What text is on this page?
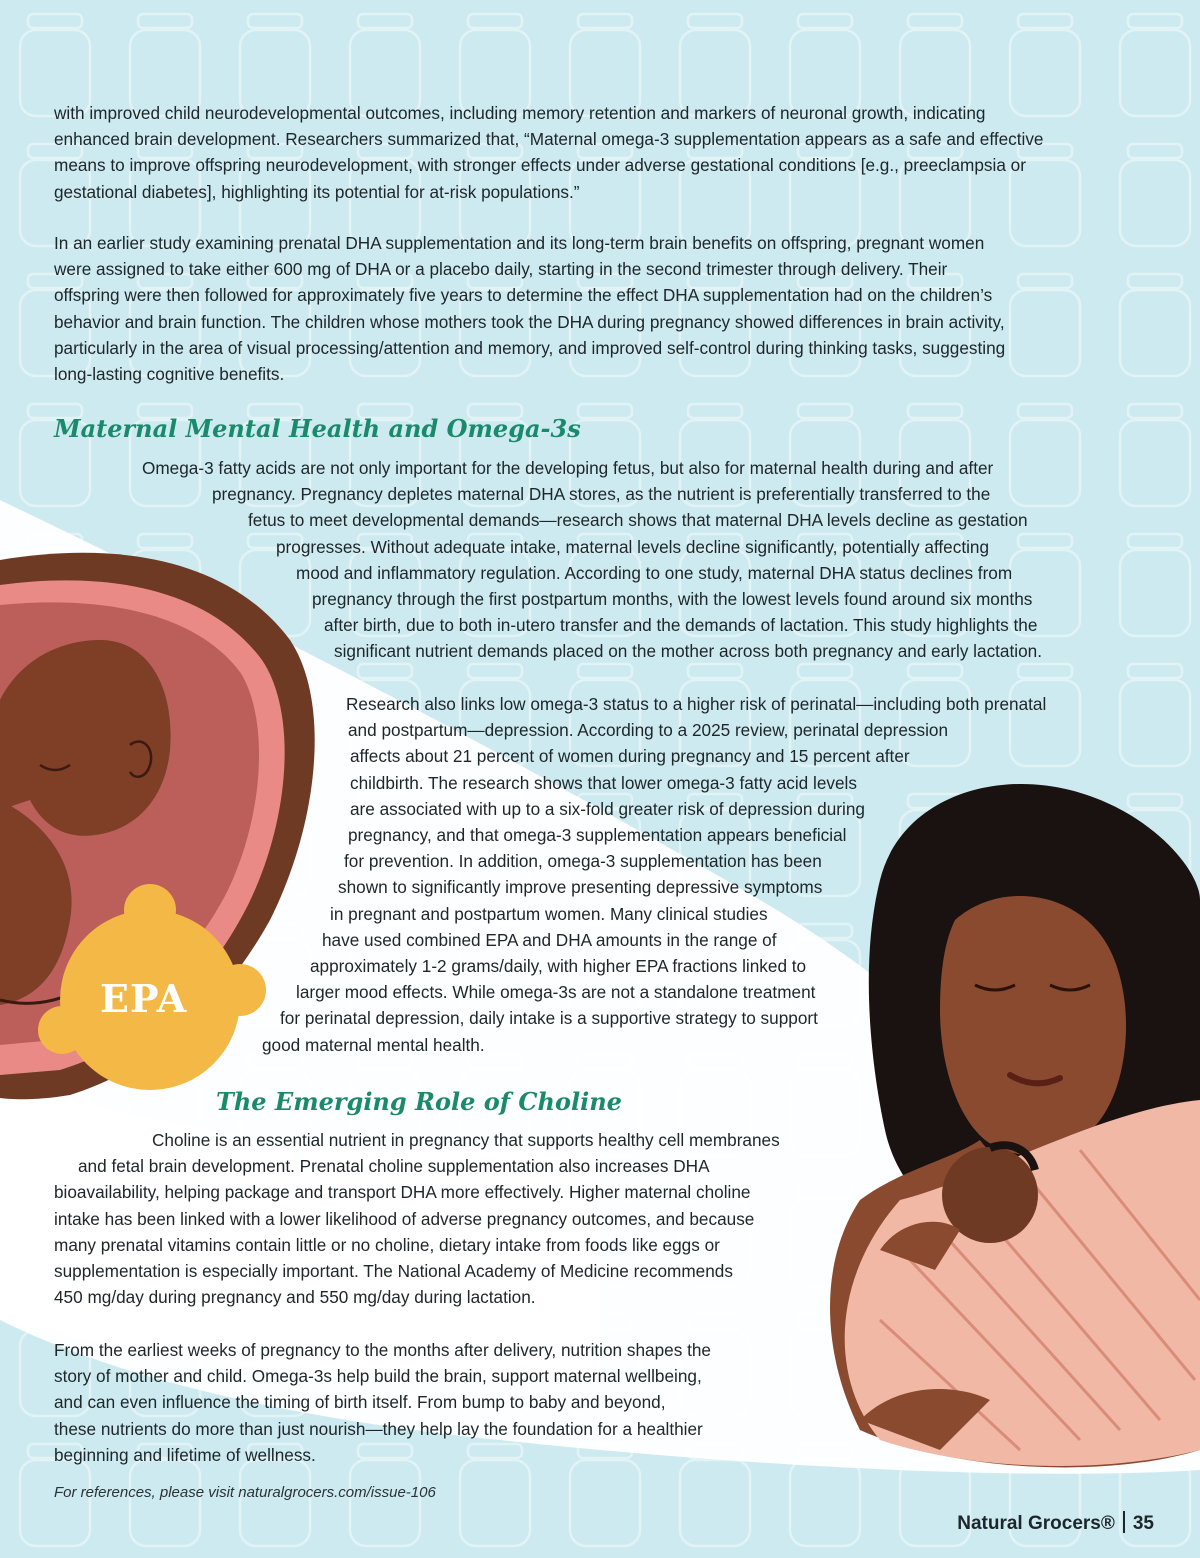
with improved child neurodevelopmental outcomes, including memory retention and markers of neuronal growth, indicating
enhanced brain development. Researchers summarized that, “Maternal omega-3 supplementation appears as a safe and effective
means to improve offspring neurodevelopment, with stronger effects under adverse gestational conditions [e.g., preeclampsia or
gestational diabetes], highlighting its potential for at-risk populations.”
In an earlier study examining prenatal DHA supplementation and its long-term brain benefits on offspring, pregnant women
were assigned to take either 600 mg of DHA or a placebo daily, starting in the second trimester through delivery. Their
offspring were then followed for approximately five years to determine the effect DHA supplementation had on the children’s
behavior and brain function. The children whose mothers took the DHA during pregnancy showed differences in brain activity,
particularly in the area of visual processing/attention and memory, and improved self-control during thinking tasks, suggesting
long-lasting cognitive benefits.
Maternal Mental Health and Omega-3s
Omega-3 fatty acids are not only important for the developing fetus, but also for maternal health during and after
pregnancy. Pregnancy depletes maternal DHA stores, as the nutrient is preferentially transferred to the
fetus to meet developmental demands—research shows that maternal DHA levels decline as gestation
progresses. Without adequate intake, maternal levels decline significantly, potentially affecting
mood and inflammatory regulation. According to one study, maternal DHA status declines from
pregnancy through the first postpartum months, with the lowest levels found around six months
after birth, due to both in-utero transfer and the demands of lactation. This study highlights the
significant nutrient demands placed on the mother across both pregnancy and early lactation.
Research also links low omega-3 status to a higher risk of perinatal—including both prenatal
and postpartum—depression. According to a 2025 review, perinatal depression
affects about 21 percent of women during pregnancy and 15 percent after
childbirth. The research shows that lower omega-3 fatty acid levels
are associated with up to a six-fold greater risk of depression during
pregnancy, and that omega-3 supplementation appears beneficial
for prevention. In addition, omega-3 supplementation has been
shown to significantly improve presenting depressive symptoms
in pregnant and postpartum women. Many clinical studies
have used combined EPA and DHA amounts in the range of
approximately 1-2 grams/daily, with higher EPA fractions linked to
larger mood effects. While omega-3s are not a standalone treatment
for perinatal depression, daily intake is a supportive strategy to support
good maternal mental health.
EPA
The Emerging Role of Choline
Choline is an essential nutrient in pregnancy that supports healthy cell membranes
and fetal brain development. Prenatal choline supplementation also increases DHA
bioavailability, helping package and transport DHA more effectively. Higher maternal choline
intake has been linked with a lower likelihood of adverse pregnancy outcomes, and because
many prenatal vitamins contain little or no choline, dietary intake from foods like eggs or
supplementation is especially important. The National Academy of Medicine recommends
450 mg/day during pregnancy and 550 mg/day during lactation.
From the earliest weeks of pregnancy to the months after delivery, nutrition shapes the
story of mother and child. Omega-3s help build the brain, support maternal wellbeing,
and can even influence the timing of birth itself. From bump to baby and beyond,
these nutrients do more than just nourish—they help lay the foundation for a healthier
beginning and lifetime of wellness.
For references, please visit naturalgrocers.com/issue-106
Natural Grocers® 35
